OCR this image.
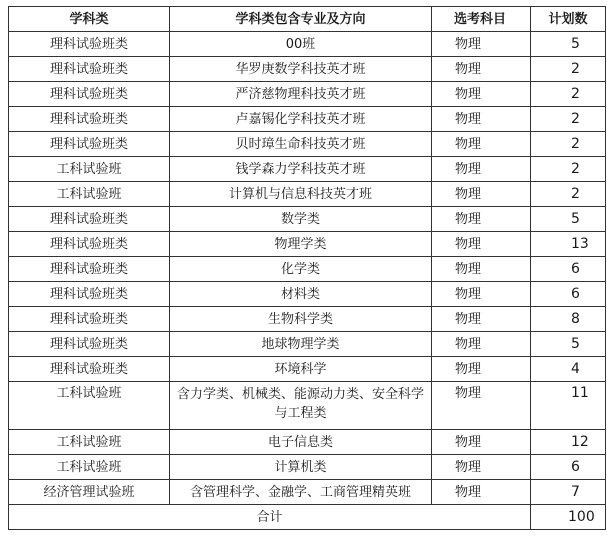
学科类	学科类包含专业及方向	选考科目	计划数
理科试验班类	00班	物理	5
理科试验班类	华罗庚数学科技英才班	物理	2
理科试验班类	严济慈物理科技英才班	物理	2
理科试验班类	卢嘉锡化学科技英才班	物理	2
理科试验班类	贝时璋生命科技英才班	物理	2
工科试验班	钱学森力学科技英才班	物理	2
工科试验班	计算机与信息科技英才班	物理	2
理科试验班类	数学类	物理	5
理科试验班类	物理学类	物理	13
理科试验班类	化学类	物理	6
理科试验班类	材料类	物理	6
理科试验班类	生物科学类	物理	8
理科试验班类	地球物理学类	物理	5
理科试验班类	环境科学	物理	4
工科试验班	含力学类、机械类、能源动力类、安全科学与工程类	物理	11
工科试验班	电子信息类	物理	12
工科试验班	计算机类	物理	6
经济管理试验班	含管理科学、金融学、工商管理精英班	物理	7
合计			100
